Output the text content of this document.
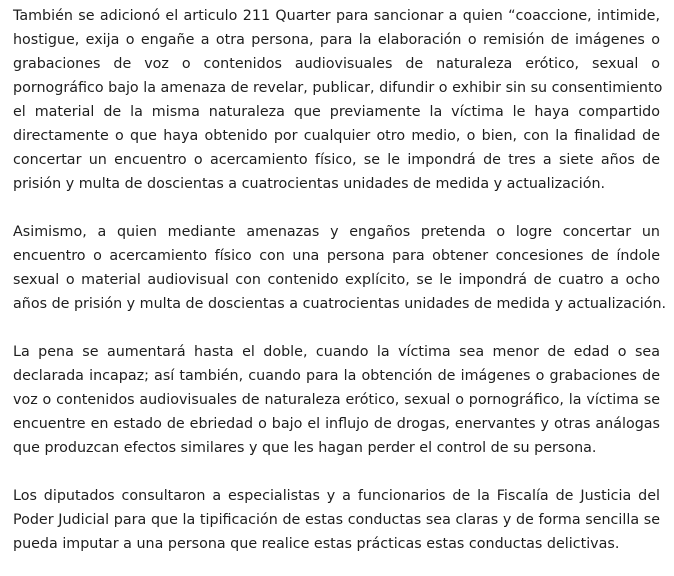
También se adicionó el articulo 211 Quarter para sancionar a quien “coaccione, intimide,
hostigue, exija o engañe a otra persona, para la elaboración o remisión de imágenes o
grabaciones de voz o contenidos audiovisuales de naturaleza erótico, sexual o
pornográfico bajo la amenaza de revelar, publicar, difundir o exhibir sin su consentimiento
el material de la misma naturaleza que previamente la víctima le haya compartido
directamente o que haya obtenido por cualquier otro medio, o bien, con la finalidad de
concertar un encuentro o acercamiento físico, se le impondrá de tres a siete años de
prisión y multa de doscientas a cuatrocientas unidades de medida y actualización.
Asimismo, a quien mediante amenazas y engaños pretenda o logre concertar un
encuentro o acercamiento físico con una persona para obtener concesiones de índole
sexual o material audiovisual con contenido explícito, se le impondrá de cuatro a ocho
años de prisión y multa de doscientas a cuatrocientas unidades de medida y actualización.
La pena se aumentará hasta el doble, cuando la víctima sea menor de edad o sea
declarada incapaz; así también, cuando para la obtención de imágenes o grabaciones de
voz o contenidos audiovisuales de naturaleza erótico, sexual o pornográfico, la víctima se
encuentre en estado de ebriedad o bajo el influjo de drogas, enervantes y otras análogas
que produzcan efectos similares y que les hagan perder el control de su persona.
Los diputados consultaron a especialistas y a funcionarios de la Fiscalía de Justicia del
Poder Judicial para que la tipificación de estas conductas sea claras y de forma sencilla se
pueda imputar a una persona que realice estas prácticas estas conductas delictivas.
